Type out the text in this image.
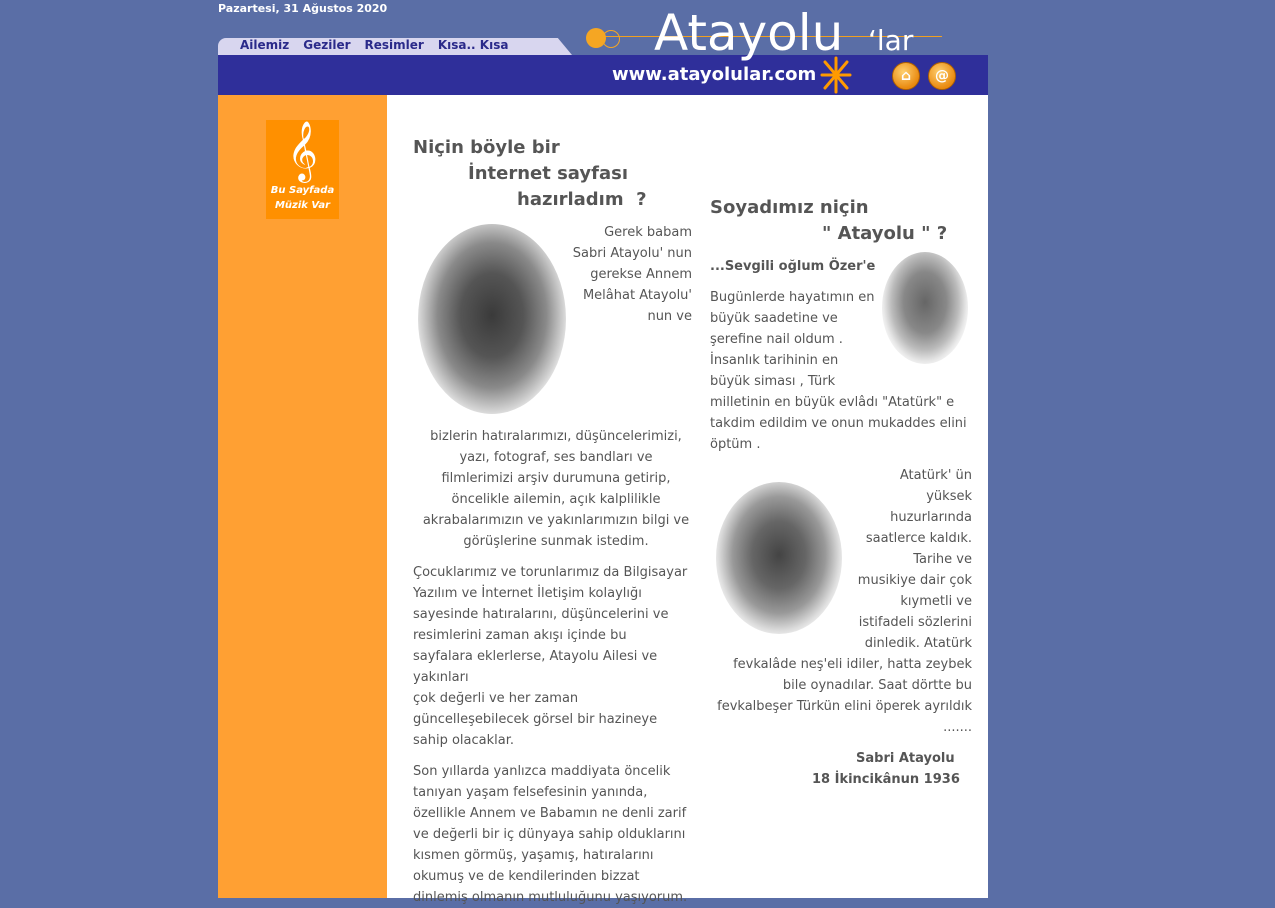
Pazartesi, 31 Ağustos 2020
Ailemiz Geziler Resimler Kısa.. Kısa	Atayolu ‘lar
www.atayolular.com	⌂	@
𝄞
Bu Sayfada
Müzik Var
Niçin böyle bir
İnternet sayfası
hazırladım  ?
Gerek babam
Sabri Atayolu' nun
gerekse Annem
Melâhat Atayolu'
nun ve
bizlerin hatıralarımızı, düşüncelerimizi,
yazı, fotograf, ses bandları ve
filmlerimizi arşiv durumuna getirip,
öncelikle ailemin, açık kalplilikle
akrabalarımızın ve yakınlarımızın bilgi ve
görüşlerine sunmak istedim.
Çocuklarımız ve torunlarımız da Bilgisayar
Yazılım ve İnternet İletişim kolaylığı
sayesinde hatıralarını, düşüncelerini ve
resimlerini zaman akışı içinde bu
sayfalara eklerlerse, Atayolu Ailesi ve
yakınları
çok değerli ve her zaman
güncelleşebilecek görsel bir hazineye
sahip olacaklar.
Son yıllarda yanlızca maddiyata öncelik
tanıyan yaşam felsefesinin yanında,
özellikle Annem ve Babamın ne denli zarif
ve değerli bir iç dünyaya sahip olduklarını
kısmen görmüş, yaşamış, hatıralarını
okumuş ve de kendilerinden bizzat
dinlemiş olmanın mutluluğunu yaşıyorum.
Soyadımız niçin
" Atayolu " ?
...Sevgili oğlum Özer'e
Bugünlerde hayatımın en
büyük saadetine ve
şerefine nail oldum .
İnsanlık tarihinin en
büyük siması , Türk
milletinin en büyük evlâdı "Atatürk" e
takdim edildim ve onun mukaddes elini
öptüm .
Atatürk' ün
yüksek
huzurlarında
saatlerce kaldık.
Tarihe ve
musikiye dair çok
kıymetli ve
istifadeli sözlerini
dinledik. Atatürk
fevkalâde neş'eli idiler, hatta zeybek
bile oynadılar. Saat dörtte bu
fevkalbeşer Türkün elini öperek ayrıldık
.......
Sabri Atayolu
18 İkincikânun 1936
